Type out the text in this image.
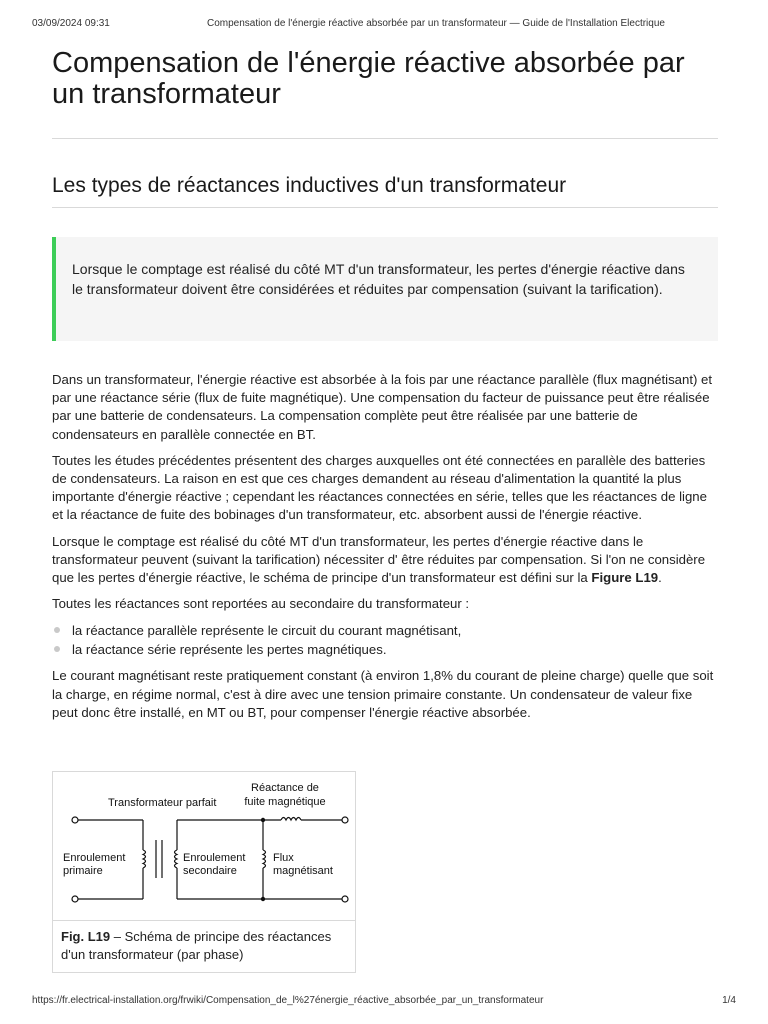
03/09/2024 09:31	Compensation de l'énergie réactive absorbée par un transformateur — Guide de l'Installation Electrique
Compensation de l'énergie réactive absorbée par un transformateur
Les types de réactances inductives d'un transformateur
Lorsque le comptage est réalisé du côté MT d'un transformateur, les pertes d'énergie réactive dans le transformateur doivent être considérées et réduites par compensation (suivant la tarification).

Dans un transformateur, l'énergie réactive est absorbée à la fois par une réactance parallèle (flux magnétisant) et par une réactance série (flux de fuite magnétique). Une compensation du facteur de puissance peut être réalisée par une batterie de condensateurs. La compensation complète peut être réalisée par une batterie de condensateurs en parallèle connectée en BT.

Toutes les études précédentes présentent des charges auxquelles ont été connectées en parallèle des batteries de condensateurs. La raison en est que ces charges demandent au réseau d'alimentation la quantité la plus importante d'énergie réactive ; cependant les réactances connectées en série, telles que les réactances de ligne et la réactance de fuite des bobinages d'un transformateur, etc. absorbent aussi de l'énergie réactive.

Lorsque le comptage est réalisé du côté MT d'un transformateur, les pertes d'énergie réactive dans le transformateur peuvent (suivant la tarification) nécessiter d' être réduites par compensation. Si l'on ne considère que les pertes d'énergie réactive, le schéma de principe d'un transformateur est défini sur la Figure L19.

Toutes les réactances sont reportées au secondaire du transformateur :

la réactance parallèle représente le circuit du courant magnétisant,
la réactance série représente les pertes magnétiques.

Le courant magnétisant reste pratiquement constant (à environ 1,8% du courant de pleine charge) quelle que soit la charge, en régime normal, c'est à dire avec une tension primaire constante. Un condensateur de valeur fixe peut donc être installé, en MT ou BT, pour compenser l'énergie réactive absorbée.

Transformateur parfait
Réactance de
fuite magnétique
Enroulement
primaire
Enroulement
secondaire
Flux
magnétisant
Fig. L19 – Schéma de principe des réactances d'un transformateur (par phase)
https://fr.electrical-installation.org/frwiki/Compensation_de_l%27énergie_réactive_absorbée_par_un_transformateur	1/4
